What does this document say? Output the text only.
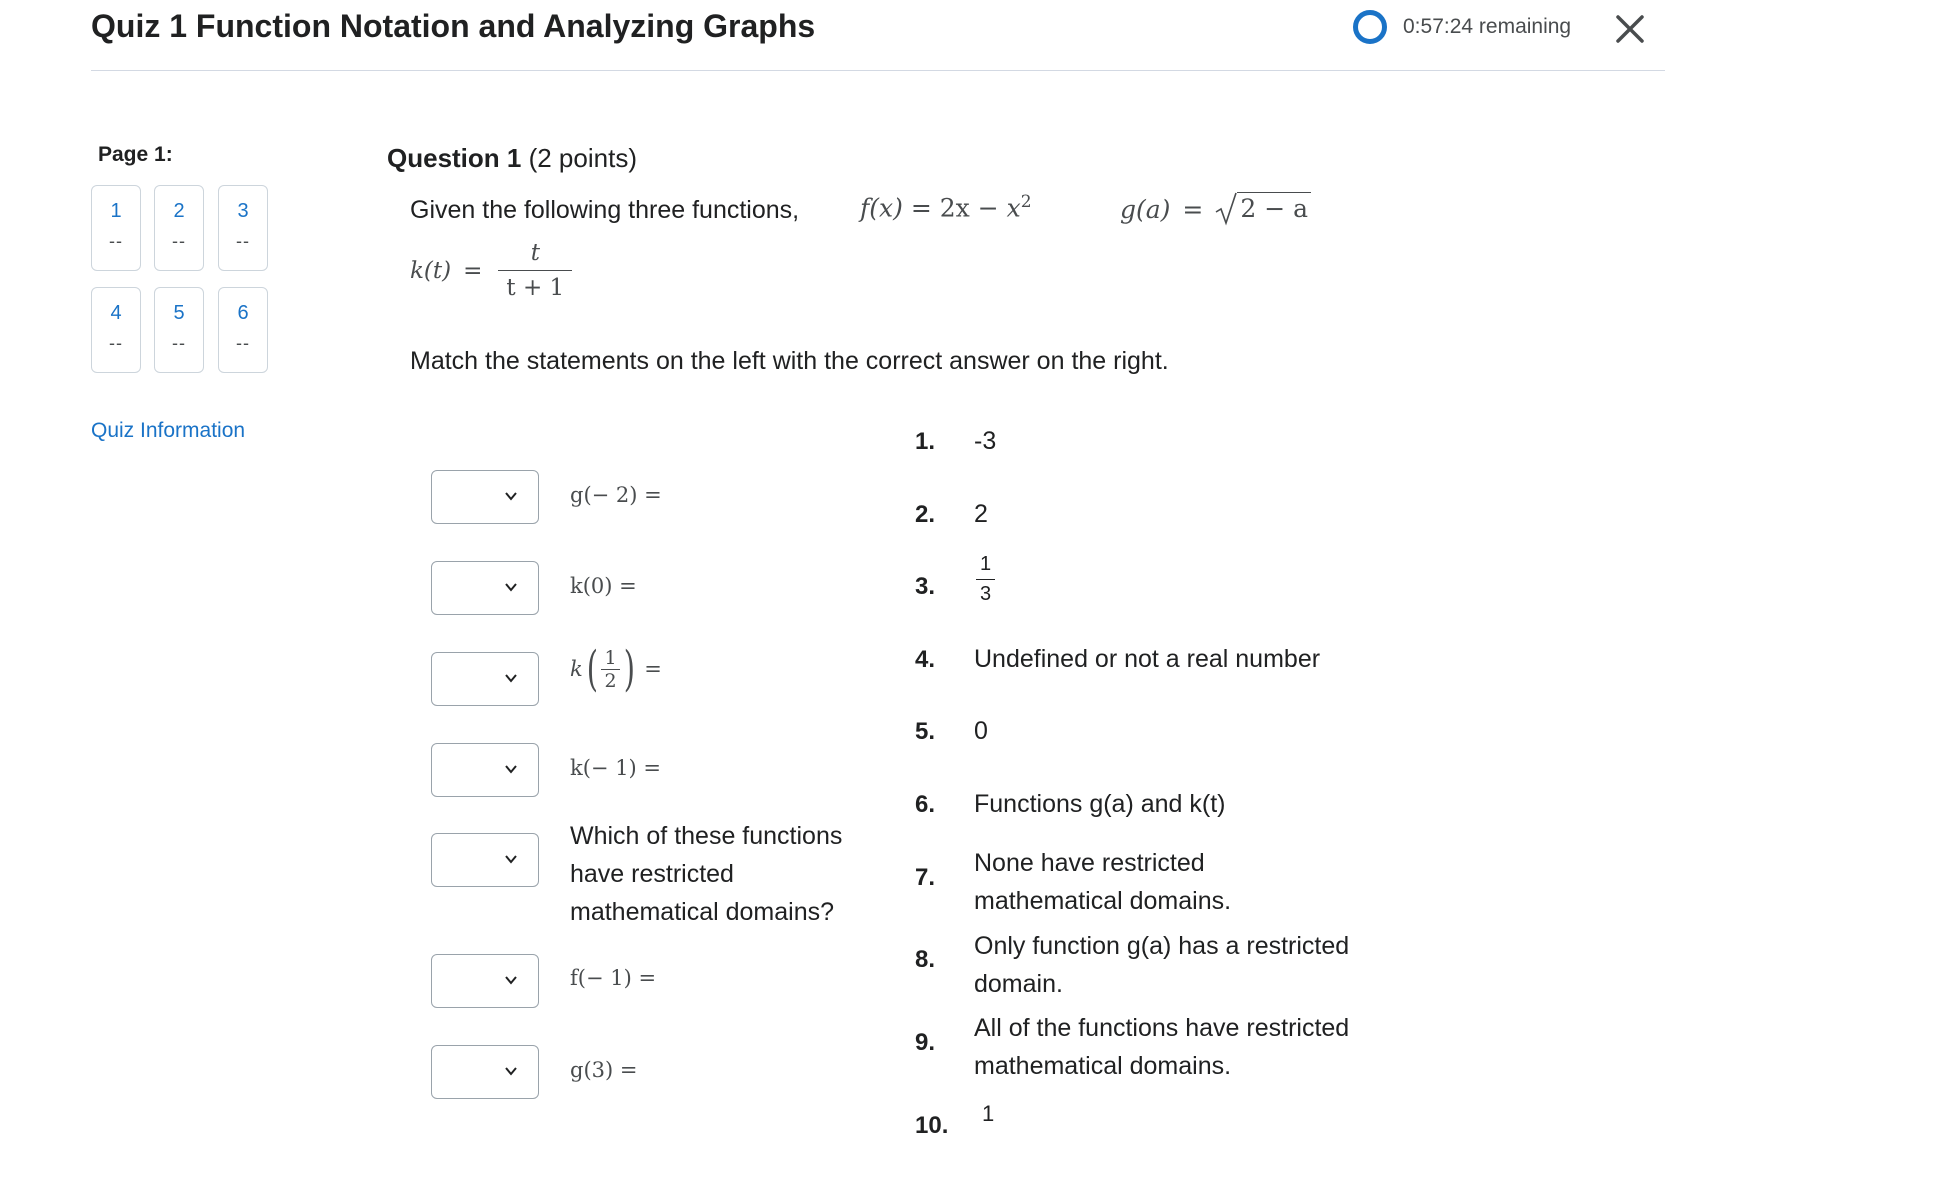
Quiz 1 Function Notation and Analyzing Graphs	0:57:24 remaining
Page 1:
1
--
2
--
3
--
4
--
5
--
6
--
Quiz Information
Question 1 (2 points)
Given the following three functions, $f(x) = 2x - x^2$	g(a) = 2 − a
$k(t) = \frac{t}{t + 1}$
Match the statements on the left with the correct answer on the right.
g(− 2) =
k(0) =
k ( $\frac{1}{2}$ ) =
k(− 1) =
Which of these functions
have restricted
mathematical domains?
f(− 1) =
g(3) =
1. -3
2. 2
3. $\frac{1}{3}$
4. Undefined or not a real number
5. 0
6. Functions g(a) and k(t)
7.
None have restricted
mathematical domains.
8. Only function g(a) has a restricted
domain.
9.
All of the functions have restricted
mathematical domains.
10. 1
